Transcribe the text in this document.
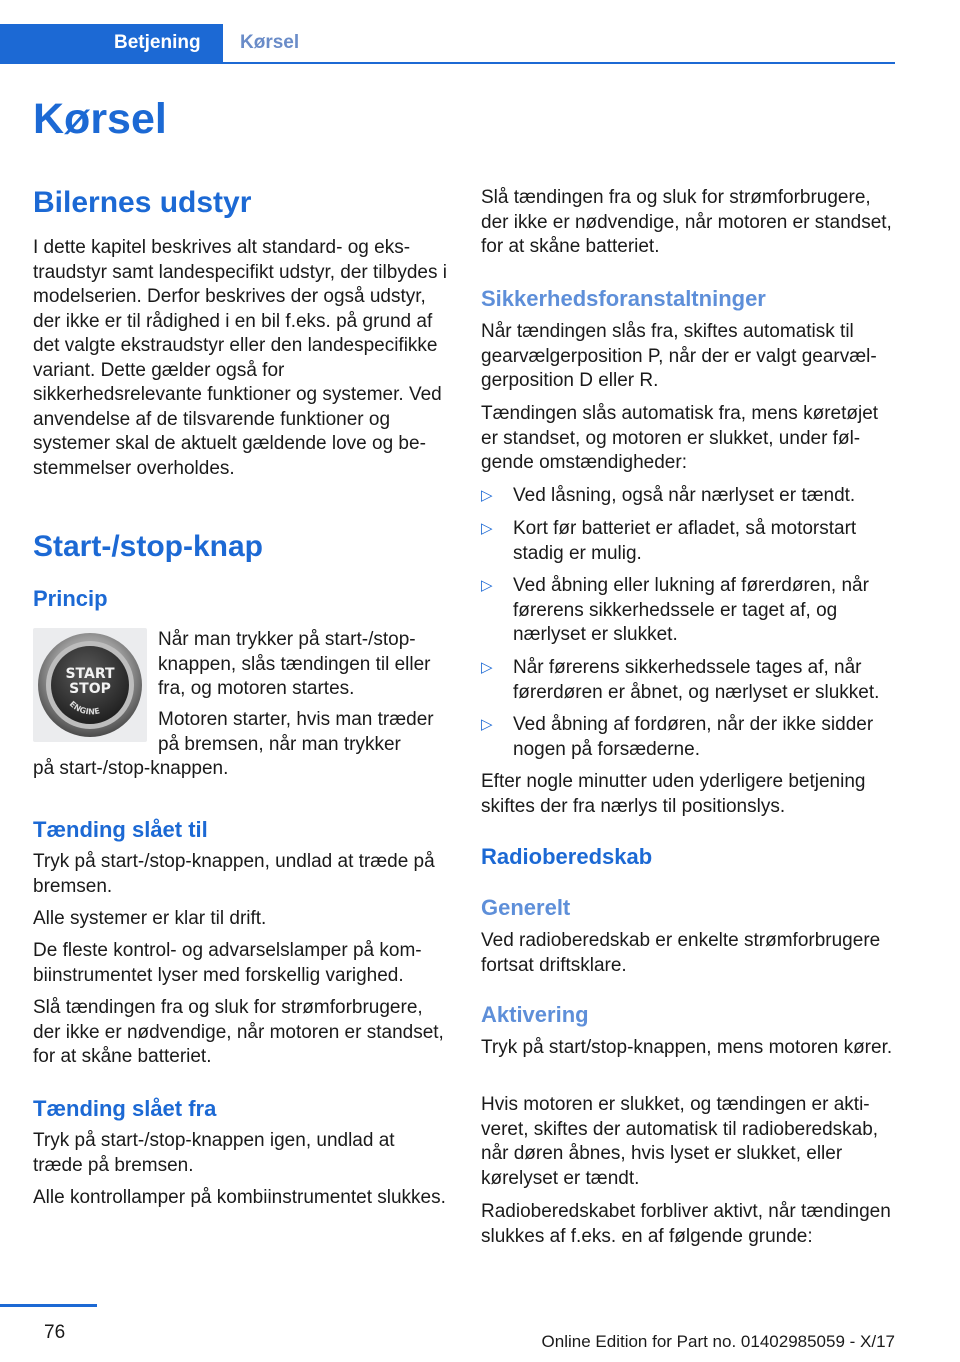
Betjening	Kørsel
Kørsel
Bilernes udstyr

I dette kapitel beskrives alt standard- og ekstraudstyr samt landespecifikt udstyr, der tilbydes i modelserien. Derfor beskrives der også udstyr, der ikke er til rådighed i en bil f.eks. på grund af det valgte ekstraudstyr eller den landespecifikke variant. Dette gælder også for sikkerhedsrelevante funktioner og systemer. Ved anvendelse af de tilsvarende funktioner og systemer skal de aktuelt gældende love og bestemmelser overholdes.

Start-/stop-knap
Princip

Når man trykker på start-/stop-knappen, slås tændingen til eller fra, og motoren startes.

Motoren starter, hvis man træder på bremsen, når man trykker

på start-/stop-knappen.

Tænding slået til

Tryk på start-/stop-knappen, undlad at træde på bremsen.

Alle systemer er klar til drift.

De fleste kontrol- og advarselslamper på kombiinstrumentet lyser med forskellig varighed.

Slå tændingen fra og sluk for strømforbrugere, der ikke er nødvendige, når motoren er standset, for at skåne batteriet.

Tænding slået fra

Tryk på start-/stop-knappen igen, undlad at træde på bremsen.

Alle kontrollamper på kombiinstrumentet slukkes.

START
STOP
ENGINE

Slå tændingen fra og sluk for strømforbrugere, der ikke er nødvendige, når motoren er standset, for at skåne batteriet.

Sikkerhedsforanstaltninger

Når tændingen slås fra, skiftes automatisk til gearvælgerposition P, når der er valgt gearvælgerposition D eller R.

Tændingen slås automatisk fra, mens køretøjet er standset, og motoren er slukket, under følgende omstændigheder:

▷ Ved låsning, også når nærlyset er tændt.
▷ Kort før batteriet er afladet, så motorstart stadig er mulig.
▷ Ved åbning eller lukning af førerdøren, når førerens sikkerhedssele er taget af, og nærlyset er slukket.
▷ Når førerens sikkerhedssele tages af, når førerdøren er åbnet, og nærlyset er slukket.
▷ Ved åbning af fordøren, når der ikke sidder nogen på forsæderne.

Efter nogle minutter uden yderligere betjening skiftes der fra nærlys til positionslys.

Radioberedskab
Generelt

Ved radioberedskab er enkelte strømforbrugere fortsat driftsklare.

Aktivering

Tryk på start/stop-knappen, mens motoren kører.

Hvis motoren er slukket, og tændingen er aktiveret, skiftes der automatisk til radioberedskab, når døren åbnes, hvis lyset er slukket, eller kørelyset er tændt.

Radioberedskabet forbliver aktivt, når tændingen slukkes af f.eks. en af følgende grunde:

76	Online Edition for Part no. 01402985059 - X/17
